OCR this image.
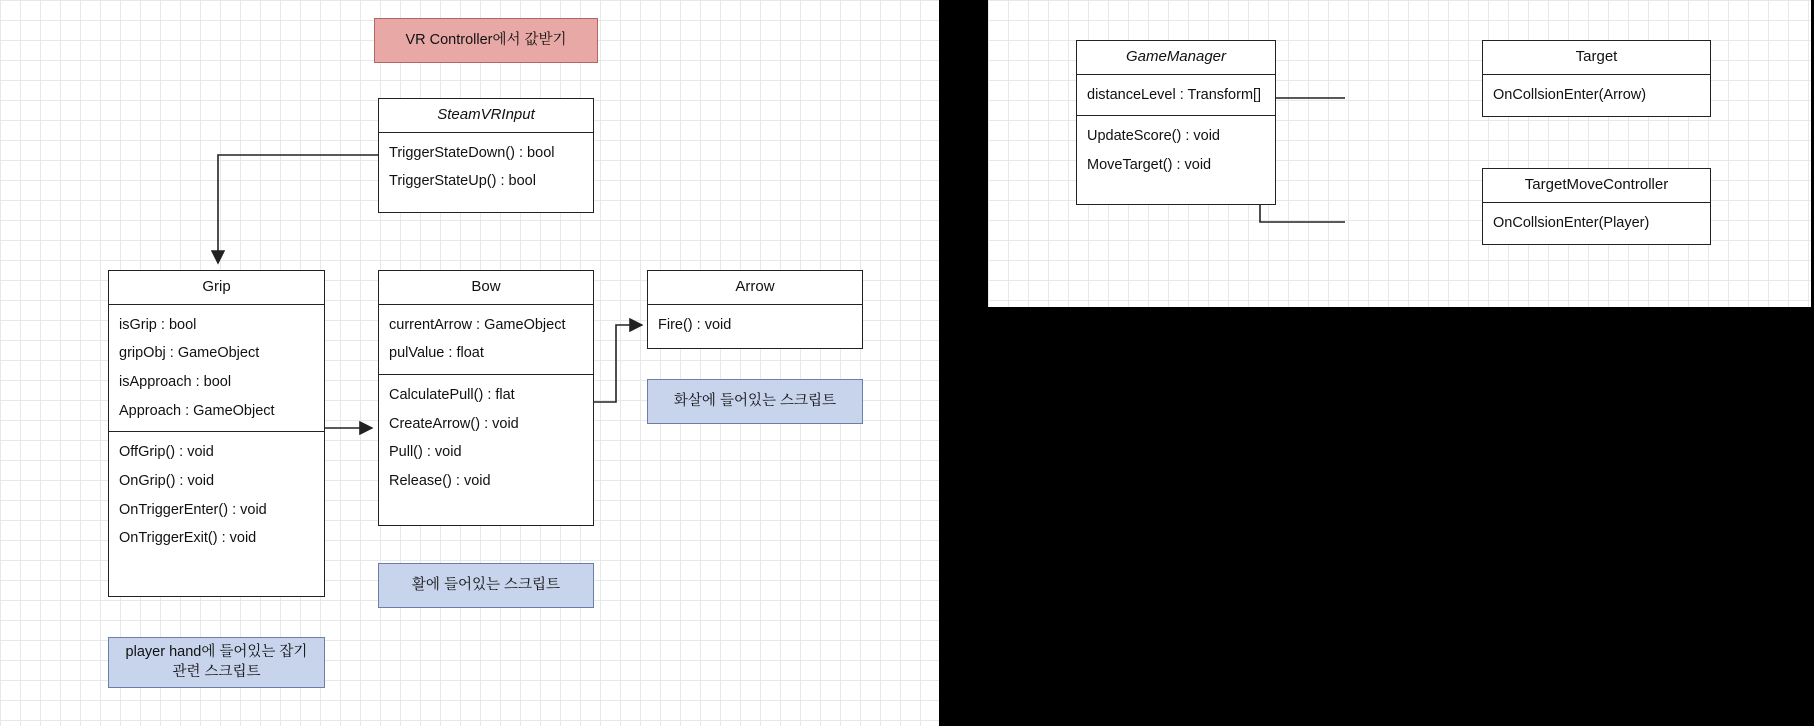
VR Controller에서 값받기
SteamVRInput
TriggerStateDown() : bool
TriggerStateUp() : bool
Grip
isGrip : bool
gripObj : GameObject
isApproach : bool
Approach : GameObject
OffGrip() : void
OnGrip() : void
OnTriggerEnter() : void
OnTriggerExit() : void
Bow
currentArrow : GameObject
pulValue : float
CalculatePull() : flat
CreateArrow() : void
Pull() : void
Release() : void
Arrow
Fire() : void
화살에 들어있는 스크립트
활에 들어있는 스크립트
player hand에 들어있는 잡기 관련 스크립트
GameManager
distanceLevel : Transform[]
UpdateScore() : void
MoveTarget() : void
Target
OnCollsionEnter(Arrow)
TargetMoveController
OnCollsionEnter(Player)
